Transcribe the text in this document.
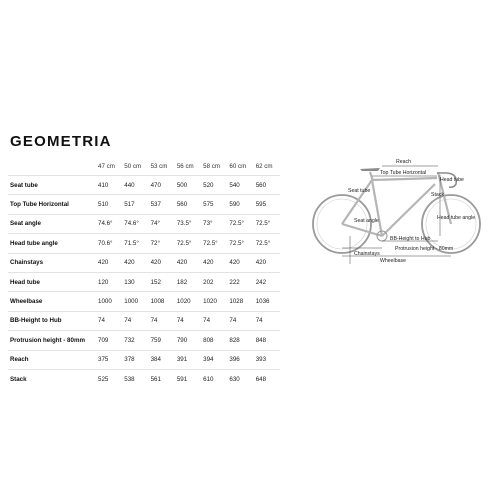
GEOMETRIA
	47 cm	50 cm	53 cm	56 cm	58 cm	60 cm	62 cm
Seat tube	410	440	470	500	520	540	560
Top Tube Horizontal	510	517	537	560	575	590	595
Seat angle	74.6°	74.6°	74°	73.5°	73°	72.5°	72.5°
Head tube angle	70.6°	71.5°	72°	72.5°	72.5°	72.5°	72.5°
Chainstays	420	420	420	420	420	420	420
Head tube	120	130	152	182	202	222	242
Wheelbase	1000	1000	1008	1020	1020	1028	1036
BB-Height to Hub	74	74	74	74	74	74	74
Protrusion height - 80mm	709	732	759	790	808	828	848
Reach	375	378	384	391	394	396	393
Stack	525	538	561	591	610	630	648
Reach
Top Tube Horizontal
Seat tube
Head tube
Stack
Seat angle	Head tube angle
BB-Height to Hub
Protrusion height - 80mm
Chainstays
Wheelbase
